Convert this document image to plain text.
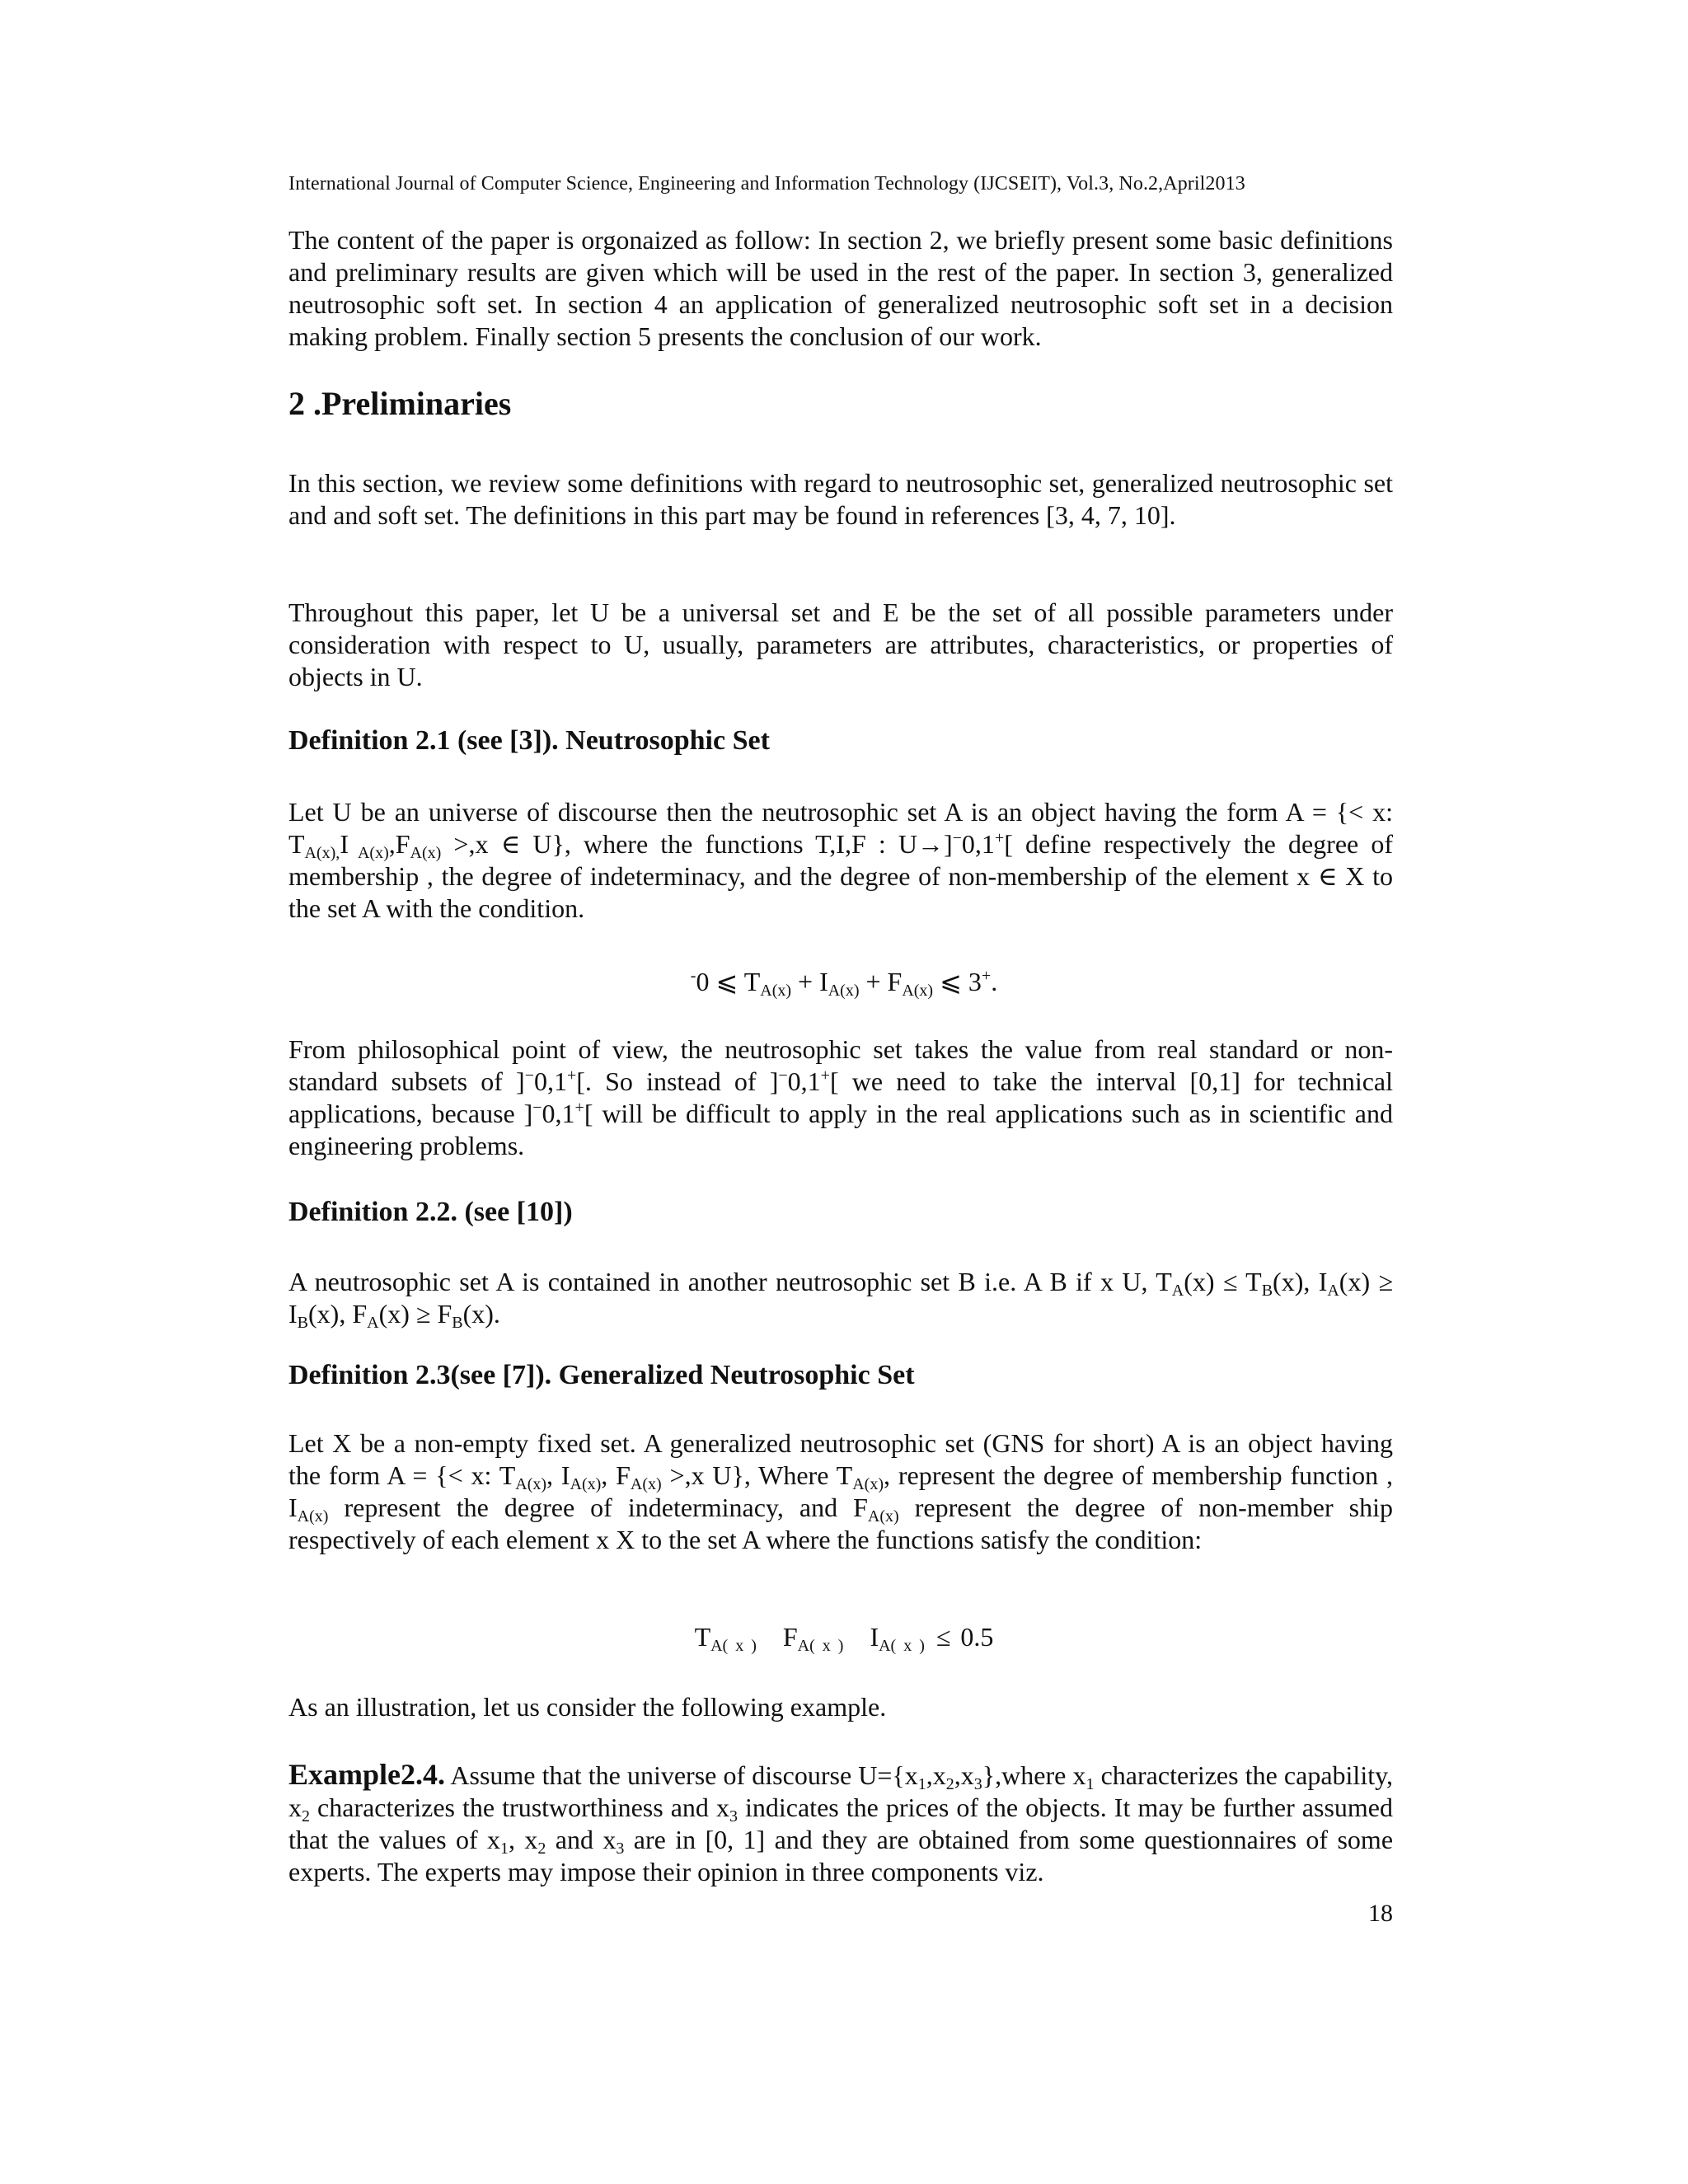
International Journal of Computer Science, Engineering and Information Technology (IJCSEIT), Vol.3, No.2,April2013

The content of the paper is orgonaized as follow: In section 2, we briefly present some basic definitions and preliminary results are given which will be used in the rest of the paper. In section 3, generalized neutrosophic soft set. In section 4 an application of generalized neutrosophic soft set in a decision making problem. Finally section 5 presents the conclusion of our work.

2 .Preliminaries

In this section, we review some definitions with regard to neutrosophic set, generalized neutrosophic set and and soft set. The definitions in this part may be found in references [3, 4, 7, 10].

Throughout this paper, let U be a universal set and E be the set of all possible parameters under consideration with respect to U, usually, parameters are attributes, characteristics, or properties of objects in U.

Definition 2.1 (see [3]). Neutrosophic Set

Let U be an universe of discourse then the neutrosophic set A is an object having the form A = {< x: $T_{A(x),}I$ $_{A(x)},F_{A(x)} >,x$ ∈ U}, where the functions T,I,F : U→]−0,1+[ define respectively the degree of membership , the degree of indeterminacy, and the degree of non-membership of the element x ∈ X to the set A with the condition.

-0 ⩽ $T_{A(x)} + I_{A(x)} + F_{A(x)}$ ⩽ 3+.

From philosophical point of view, the neutrosophic set takes the value from real standard or non-standard subsets of ]−0,1+[. So instead of ]−0,1+[ we need to take the interval [0,1] for technical applications, because ]−0,1+[ will be difficult to apply in the real applications such as in scientific and engineering problems.

Definition 2.2. (see [10])

A neutrosophic set A is contained in another neutrosophic set B i.e. A B if x U, $T_A(x) \le T_B(x)$, $I_A(x) \ge I_B(x)$, $F_A(x) \ge F_B(x)$.

Definition 2.3(see [7]). Generalized Neutrosophic Set

Let X be a non-empty fixed set. A generalized neutrosophic set (GNS for short) A is an object having the form A = {< x: $T_{A(x)}$, $I_{A(x)}$, $F_{A(x)} >,x$ U}, Where $T_{A(x)}$, represent the degree of membership function , $I_{A(x)}$ represent the degree of indeterminacy, and $F_{A(x)}$ represent the degree of non-member ship respectively of each element x X to the set A where the functions satisfy the condition:

$T_{A( x )}$ $F_{A( x )}$ $I_{A( x )} \le 0.5$

As an illustration, let us consider the following example.

Example2.4. Assume that the universe of discourse $U=\{x_1,x_2,x_3\},where$ $x_1$ characterizes the capability, $x_2$ characterizes the trustworthiness and $x_3$ indicates the prices of the objects. It may be further assumed that the values of $x_1$, $x_2$ and $x_3$ are in [0, 1] and they are obtained from some questionnaires of some experts. The experts may impose their opinion in three components viz.

18
